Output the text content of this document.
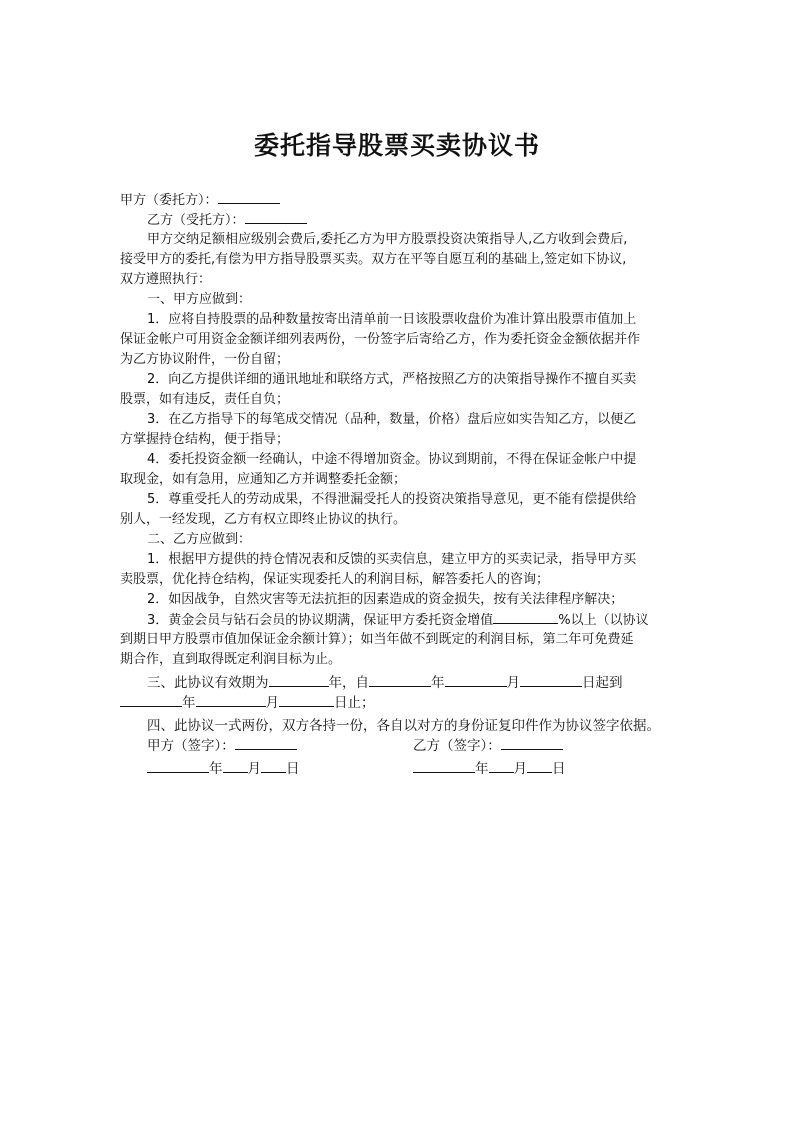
委托指导股票买卖协议书
甲方（委托方）：
乙方（受托方）：
甲方交纳足额相应级别会费后,委托乙方为甲方股票投资决策指导人,乙方收到会费后,
接受甲方的委托,有偿为甲方指导股票买卖。双方在平等自愿互利的基础上,签定如下协议,
双方遵照执行：
一、甲方应做到：
1．应将自持股票的品种数量按寄出清单前一日该股票收盘价为准计算出股票市值加上
保证金帐户可用资金金额详细列表两份，一份签字后寄给乙方，作为委托资金金额依据并作
为乙方协议附件，一份自留；
2．向乙方提供详细的通讯地址和联络方式，严格按照乙方的决策指导操作不擅自买卖
股票，如有违反，责任自负；
3．在乙方指导下的每笔成交情况（品种，数量，价格）盘后应如实告知乙方，以便乙
方掌握持仓结构，便于指导；
4．委托投资金额一经确认，中途不得增加资金。协议到期前，不得在保证金帐户中提
取现金，如有急用，应通知乙方并调整委托金额；
5．尊重受托人的劳动成果，不得泄漏受托人的投资决策指导意见，更不能有偿提供给
别人，一经发现，乙方有权立即终止协议的执行。
二、乙方应做到：
1．根据甲方提供的持仓情况表和反馈的买卖信息，建立甲方的买卖记录，指导甲方买
卖股票，优化持仓结构，保证实现委托人的利润目标，解答委托人的咨询；
2．如因战争，自然灾害等无法抗拒的因素造成的资金损失，按有关法律程序解决；
3．黄金会员与钻石会员的协议期满，保证甲方委托资金增值	%以上（以协议
到期日甲方股票市值加保证金余额计算）；如当年做不到既定的利润目标，第二年可免费延
期合作，直到取得既定利润目标为止。
三、此协议有效期为	年，自	年	月	日起到
年	月	日止；
四、此协议一式两份，双方各持一份，各自以对方的身份证复印件作为协议签字依据。
甲方（签字）：	乙方（签字）：
年 月 日	年 月 日
